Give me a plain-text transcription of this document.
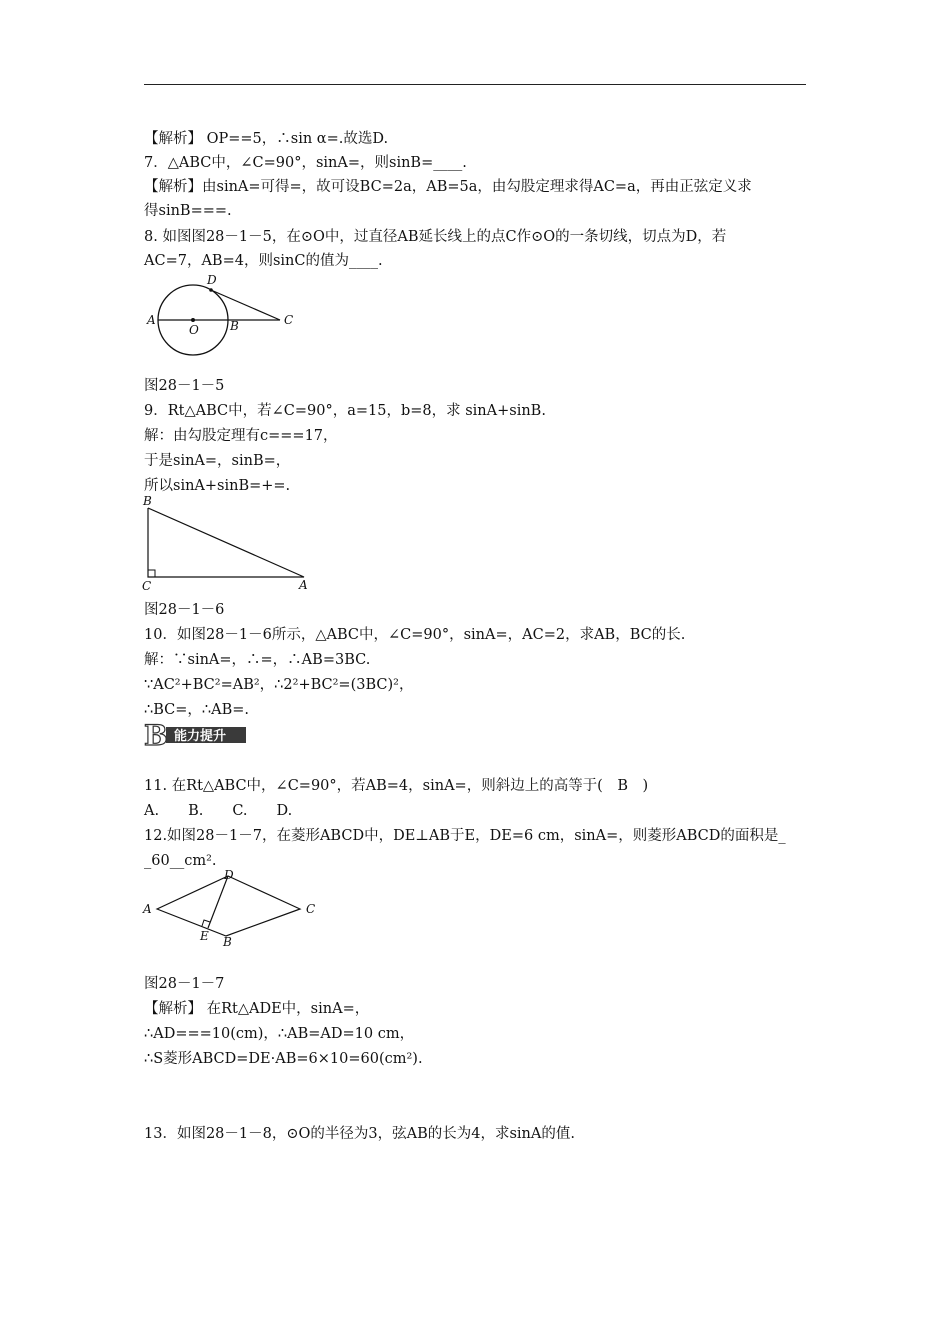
【解析】 OP==5，∴sin α=.故选D.
7．△ABC中，∠C=90°，sinA=，则sinB=____.
【解析】由sinA=可得=，故可设BC=2a，AB=5a，由勾股定理求得AC=a，再由正弦定义求
得sinB===.
8. 如图图28－1－5，在⊙O中，过直径AB延长线上的点C作⊙O的一条切线，切点为D，若
AC=7，AB=4，则sinC的值为____.
A
O	B	C
D
图28－1－5
9．Rt△ABC中，若∠C=90°，a=15，b=8，求 sinA+sinB.
解：由勾股定理有c===17，
于是sinA=，sinB=，
所以sinA+sinB=+=.
B
C	A
图28－1－6
10．如图28－1－6所示，△ABC中，∠C=90°，sinA=，AC=2，求AB，BC的长.
解：∵sinA=，∴=，∴AB=3BC.
∵AC²+BC²=AB²，∴2²+BC²=(3BC)²，
∴BC=，∴AB=.
B 能力提升
11. 在Rt△ABC中，∠C=90°，若AB=4，sinA=，则斜边上的高等于(　B　)
A.　　B.　　C.　　D.
12.如图28－1－7，在菱形ABCD中，DE⊥AB于E，DE=6 cm，sinA=，则菱形ABCD的面积是_
_60__cm².
A
D
C
E B
图28－1－7
【解析】 在Rt△ADE中，sinA=，
∴AD===10(cm)，∴AB=AD=10 cm，
∴S菱形ABCD=DE·AB=6×10=60(cm²).
13．如图28－1－8，⊙O的半径为3，弦AB的长为4，求sinA的值.
